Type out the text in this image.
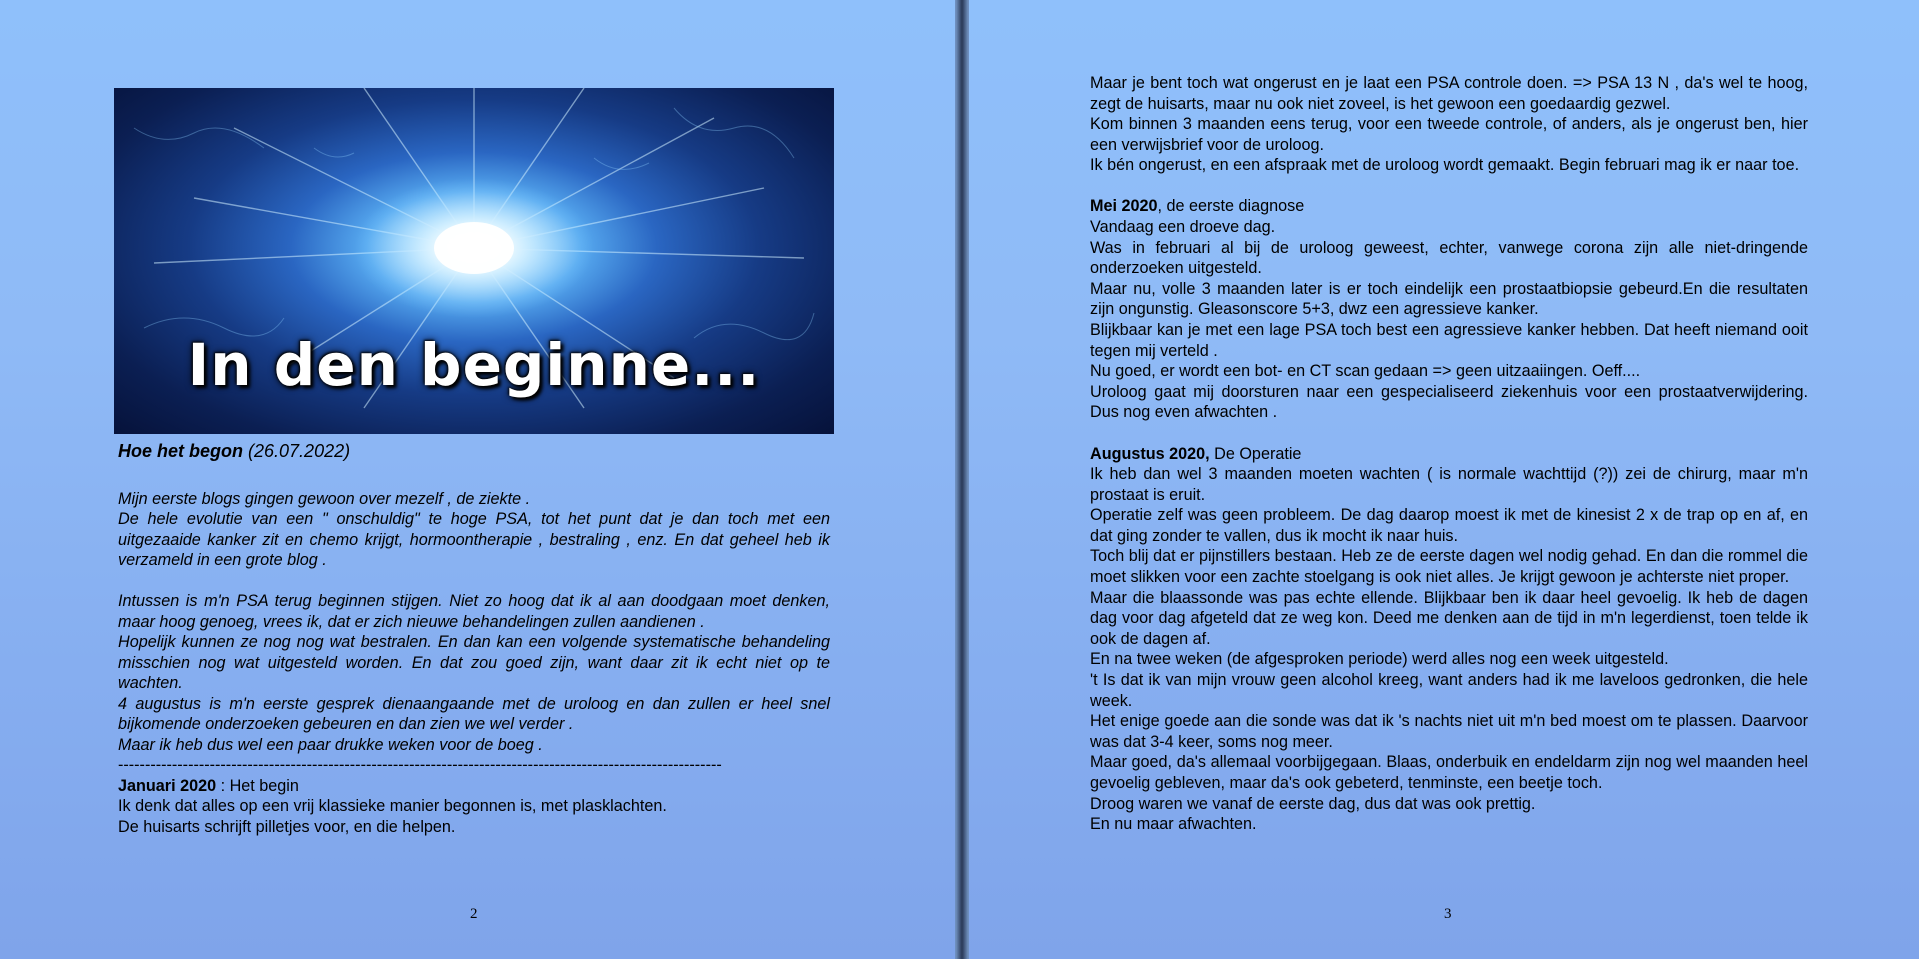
In den beginne...

Hoe het begon (26.07.2022)

Mijn eerste blogs gingen gewoon over mezelf , de ziekte .

De hele evolutie van een " onschuldig" te hoge PSA, tot het punt dat je dan toch met een uitgezaaide kanker zit en chemo krijgt, hormoontherapie , bestraling , enz. En dat geheel heb ik verzameld in een grote blog .

Intussen is m'n PSA terug beginnen stijgen. Niet zo hoog dat ik al aan doodgaan moet denken, maar hoog genoeg, vrees ik, dat er zich nieuwe behandelingen zullen aandienen .

Hopelijk kunnen ze nog nog wat bestralen. En dan kan een volgende systematische behandeling misschien nog wat uitgesteld worden. En dat zou goed zijn, want daar zit ik echt niet op te wachten.

4 augustus is m'n eerste gesprek dienaangaande met de uroloog en dan zullen er heel snel bijkomende onderzoeken gebeuren en dan zien we wel verder .

Maar ik heb dus wel een paar drukke weken voor de boeg .

----------------------------------------------------------------------------------------------------------------

Januari 2020 : Het begin

Ik denk dat alles op een vrij klassieke manier begonnen is, met plasklachten.

De huisarts schrijft pilletjes voor, en die helpen.

2	3

Maar je bent toch wat ongerust en je laat een PSA controle doen. => PSA 13 N , da's wel te hoog, zegt de huisarts, maar nu ook niet zoveel, is het gewoon een goedaardig gezwel.

Kom binnen 3 maanden eens terug, voor een tweede controle, of anders, als je ongerust ben, hier een verwijsbrief voor de uroloog.

Ik bén ongerust, en een afspraak met de uroloog wordt gemaakt. Begin februari mag ik er naar toe.

Mei 2020, de eerste diagnose

Vandaag een droeve dag.

Was in februari al bij de uroloog geweest, echter, vanwege corona zijn alle niet-dringende onderzoeken uitgesteld.

Maar nu, volle 3 maanden later is er toch eindelijk een prostaatbiopsie gebeurd.En die resultaten zijn ongunstig. Gleasonscore 5+3, dwz een agressieve kanker.

Blijkbaar kan je met een lage PSA toch best een agressieve kanker hebben. Dat heeft niemand ooit tegen mij verteld .

Nu goed, er wordt een bot- en CT scan gedaan => geen uitzaaiingen. Oeff....

Uroloog gaat mij doorsturen naar een gespecialiseerd ziekenhuis voor een prostaatverwijdering. Dus nog even afwachten .

Augustus 2020, De Operatie

Ik heb dan wel 3 maanden moeten wachten ( is normale wachttijd (?)) zei de chirurg, maar m'n prostaat is eruit.

Operatie zelf was geen probleem. De dag daarop moest ik met de kinesist 2 x de trap op en af, en dat ging zonder te vallen, dus ik mocht ik naar huis.

Toch blij dat er pijnstillers bestaan. Heb ze de eerste dagen wel nodig gehad. En dan die rommel die moet slikken voor een zachte stoelgang is ook niet alles. Je krijgt gewoon je achterste niet proper.

Maar die blaassonde was pas echte ellende. Blijkbaar ben ik daar heel gevoelig. Ik heb de dagen dag voor dag afgeteld dat ze weg kon. Deed me denken aan de tijd in m'n legerdienst, toen telde ik ook de dagen af.

En na twee weken (de afgesproken periode) werd alles nog een week uitgesteld.

't Is dat ik van mijn vrouw geen alcohol kreeg, want anders had ik me laveloos gedronken, die hele week.

Het enige goede aan die sonde was dat ik 's nachts niet uit m'n bed moest om te plassen. Daarvoor was dat 3-4 keer, soms nog meer.

Maar goed, da's allemaal voorbijgegaan. Blaas, onderbuik en endeldarm zijn nog wel maanden heel gevoelig gebleven, maar da's ook gebeterd, tenminste, een beetje toch.

Droog waren we vanaf de eerste dag, dus dat was ook prettig.

En nu maar afwachten.
